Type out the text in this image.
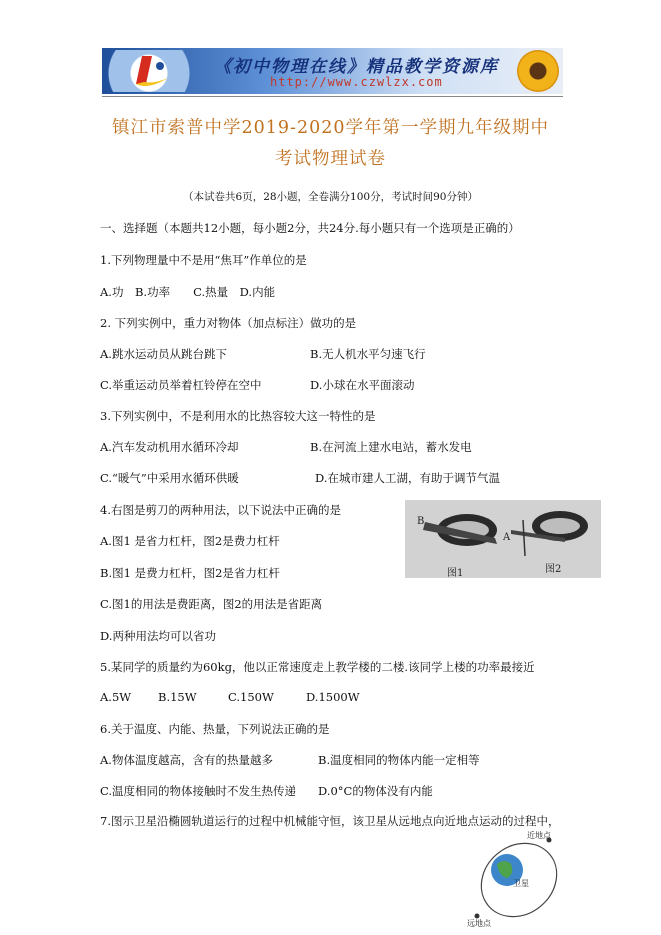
《初中物理在线》精品教学资源库
http://www.czwlzx.com
镇江市索普中学2019-2020学年第一学期九年级期中
考试物理试卷
（本试卷共6页，28小题，全卷满分100分，考试时间90分钟）
一、选择题（本题共12小题，每小题2分，共24分.每小题只有一个选项是正确的）
1.下列物理量中不是用“焦耳”作单位的是
A.功　B.功率　　C.热量　D.内能
2. 下列实例中，重力对物体（加点标注）做功的是
A.跳水运动员从跳台跳下	B.无人机水平匀速飞行
C.举重运动员举着杠铃停在空中	D.小球在水平面滚动
3.下列实例中，不是利用水的比热容较大这一特性的是
A.汽车发动机用水循环冷却	B.在河流上建水电站，蓄水发电
C.“暖气”中采用水循环供暖	D.在城市建人工湖，有助于调节气温
4.右图是剪刀的两种用法，以下说法中正确的是
A.图1 是省力杠杆，图2是费力杠杆
B.图1 是费力杠杆，图2是省力杠杆
C.图1的用法是费距离，图2的用法是省距离
D.两种用法均可以省功
B
A
图1	图2
5.某同学的质量约为60kg，他以正常速度走上教学楼的二楼.该同学上楼的功率最接近
A.5W B.15W	C.150W	D.1500W
6.关于温度、内能、热量，下列说法正确的是
A.物体温度越高，含有的热量越多	B.温度相同的物体内能一定相等
C.温度相同的物体接触时不发生热传递 D.0°C的物体没有内能
7.图示卫星沿椭圆轨道运行的过程中机械能守恒，该卫星从远地点向近地点运动的过程中，
近地点
卫星
远地点
